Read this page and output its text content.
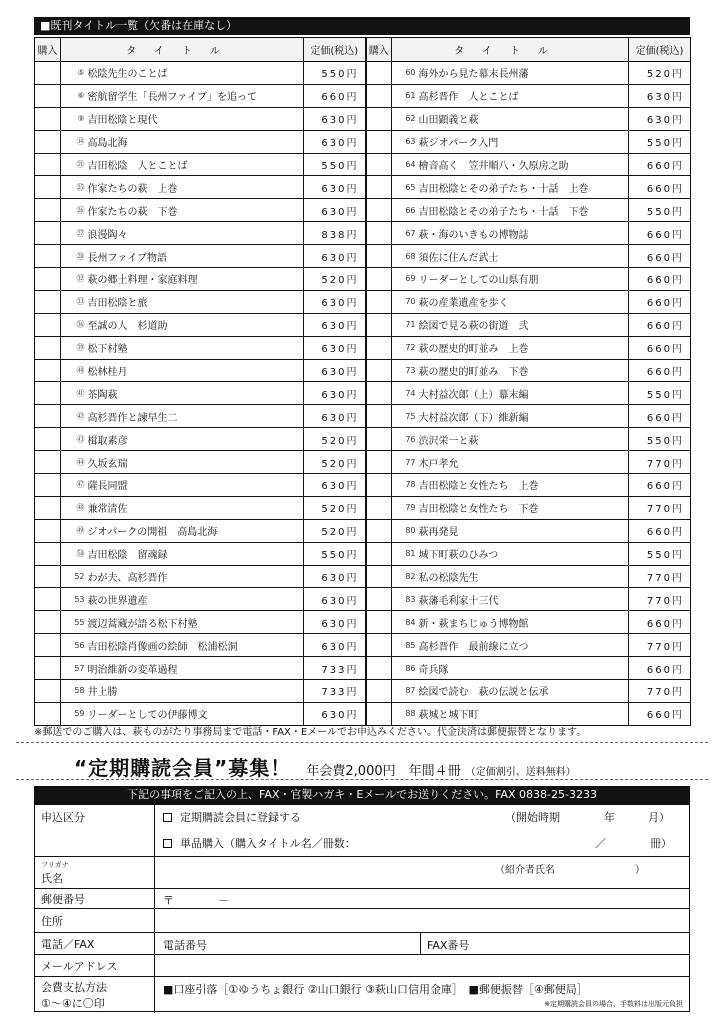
■既刊タイトル一覧（欠番は在庫なし）
購入	タイトル		定価(税込)	購入	タイトル		定価(税込)
	⑤	松陰先生のことば	550円		60	海外から見た幕末長州藩	520円
	⑥	密航留学生「長州ファイブ」を追って	660円		61	高杉晋作　人とことば	630円
	⑨	吉田松陰と現代	630円		62	山田顕義と萩	630円
	⑭	高島北海	630円		63	萩ジオパーク入門	550円
	㉑	吉田松陰　人とことば	550円		64	檜音高く　笠井順八・久原房之助	660円
	㉕	作家たちの萩　上巻	630円		65	吉田松陰とその弟子たち・十話　上巻	660円
	㉖	作家たちの萩　下巻	630円		66	吉田松陰とその弟子たち・十話　下巻	550円
	㉗	浪漫陶々	838円		67	萩・海のいきもの博物誌	660円
	㉘	長州ファイブ物語	630円		68	須佐に住んだ武士	660円
	㉜	萩の郷土料理・家庭料理	520円		69	リーダーとしての山県有朋	660円
	㉝	吉田松陰と旅	630円		70	萩の産業遺産を歩く	660円
	㊱	至誠の人　杉道助	630円		71	絵図で見る萩の街道　弐	660円
	㊴	松下村塾	630円		72	萩の歴史的町並み　上巻	660円
	㊵	松林桂月	630円		73	萩の歴史的町並み　下巻	660円
	㊶	茶陶萩	630円		74	大村益次郎（上）幕末編	550円
	㊷	高杉晋作と諫早生二	630円		75	大村益次郎（下）維新編	660円
	㊸	楫取素彦	520円		76	渋沢栄一と萩	550円
	㊹	久坂玄瑞	520円		77	木戸孝允	770円
	㊼	薩長同盟	630円		78	吉田松陰と女性たち　上巻	660円
	㊽	兼常清佐	520円		79	吉田松陰と女性たち　下巻	770円
	㊾	ジオパークの開祖　高島北海	520円		80	萩再発見	660円
	㊿	吉田松陰　留魂録	550円		81	城下町萩のひみつ	550円
	52	わが夫、高杉晋作	630円		82	私の松陰先生	770円
	53	萩の世界遺産	630円		83	萩藩毛利家十三代	770円
	55	渡辺蒿蔵が語る松下村塾	630円		84	新・萩まちじゅう博物館	660円
	56	吉田松陰肖像画の絵師　松浦松洞	630円		85	高杉晋作　最前線に立つ	770円
	57	明治維新の変革過程	733円		86	奇兵隊	660円
	58	井上勝	733円		87	絵図で読む　萩の伝説と伝承	770円
	59	リーダーとしての伊藤博文	630円		88	萩城と城下町	660円
※郵送でのご購入は、萩ものがたり事務局まで電話・FAX・Eメールでお申込みください。代金決済は郵便振替となります。
“定期購読会員”募集！ 年会費2,000円　年間４冊 （定価割引、送料無料）
下記の事項をご記入の上、FAX・官製ハガキ・Eメールでお送りください。FAX 0838-25-3233
申込区分	定期購読会員に登録する	（開始時期　　　　年　　　月）
単品購入（購入タイトル名／冊数：	／　　　　冊）
フリガナ
氏名
（紹介者氏名　　　　　　　　）
郵便番号	〒　　　　－
住所
電話／FAX	電話番号	FAX番号
メールアドレス
会費支払方法
①〜④に〇印
■口座引落［①ゆうちょ銀行 ②山口銀行 ③萩山口信用金庫］　■郵便振替［④郵便局］
※定期購読会員の場合、手数料は出版元負担
